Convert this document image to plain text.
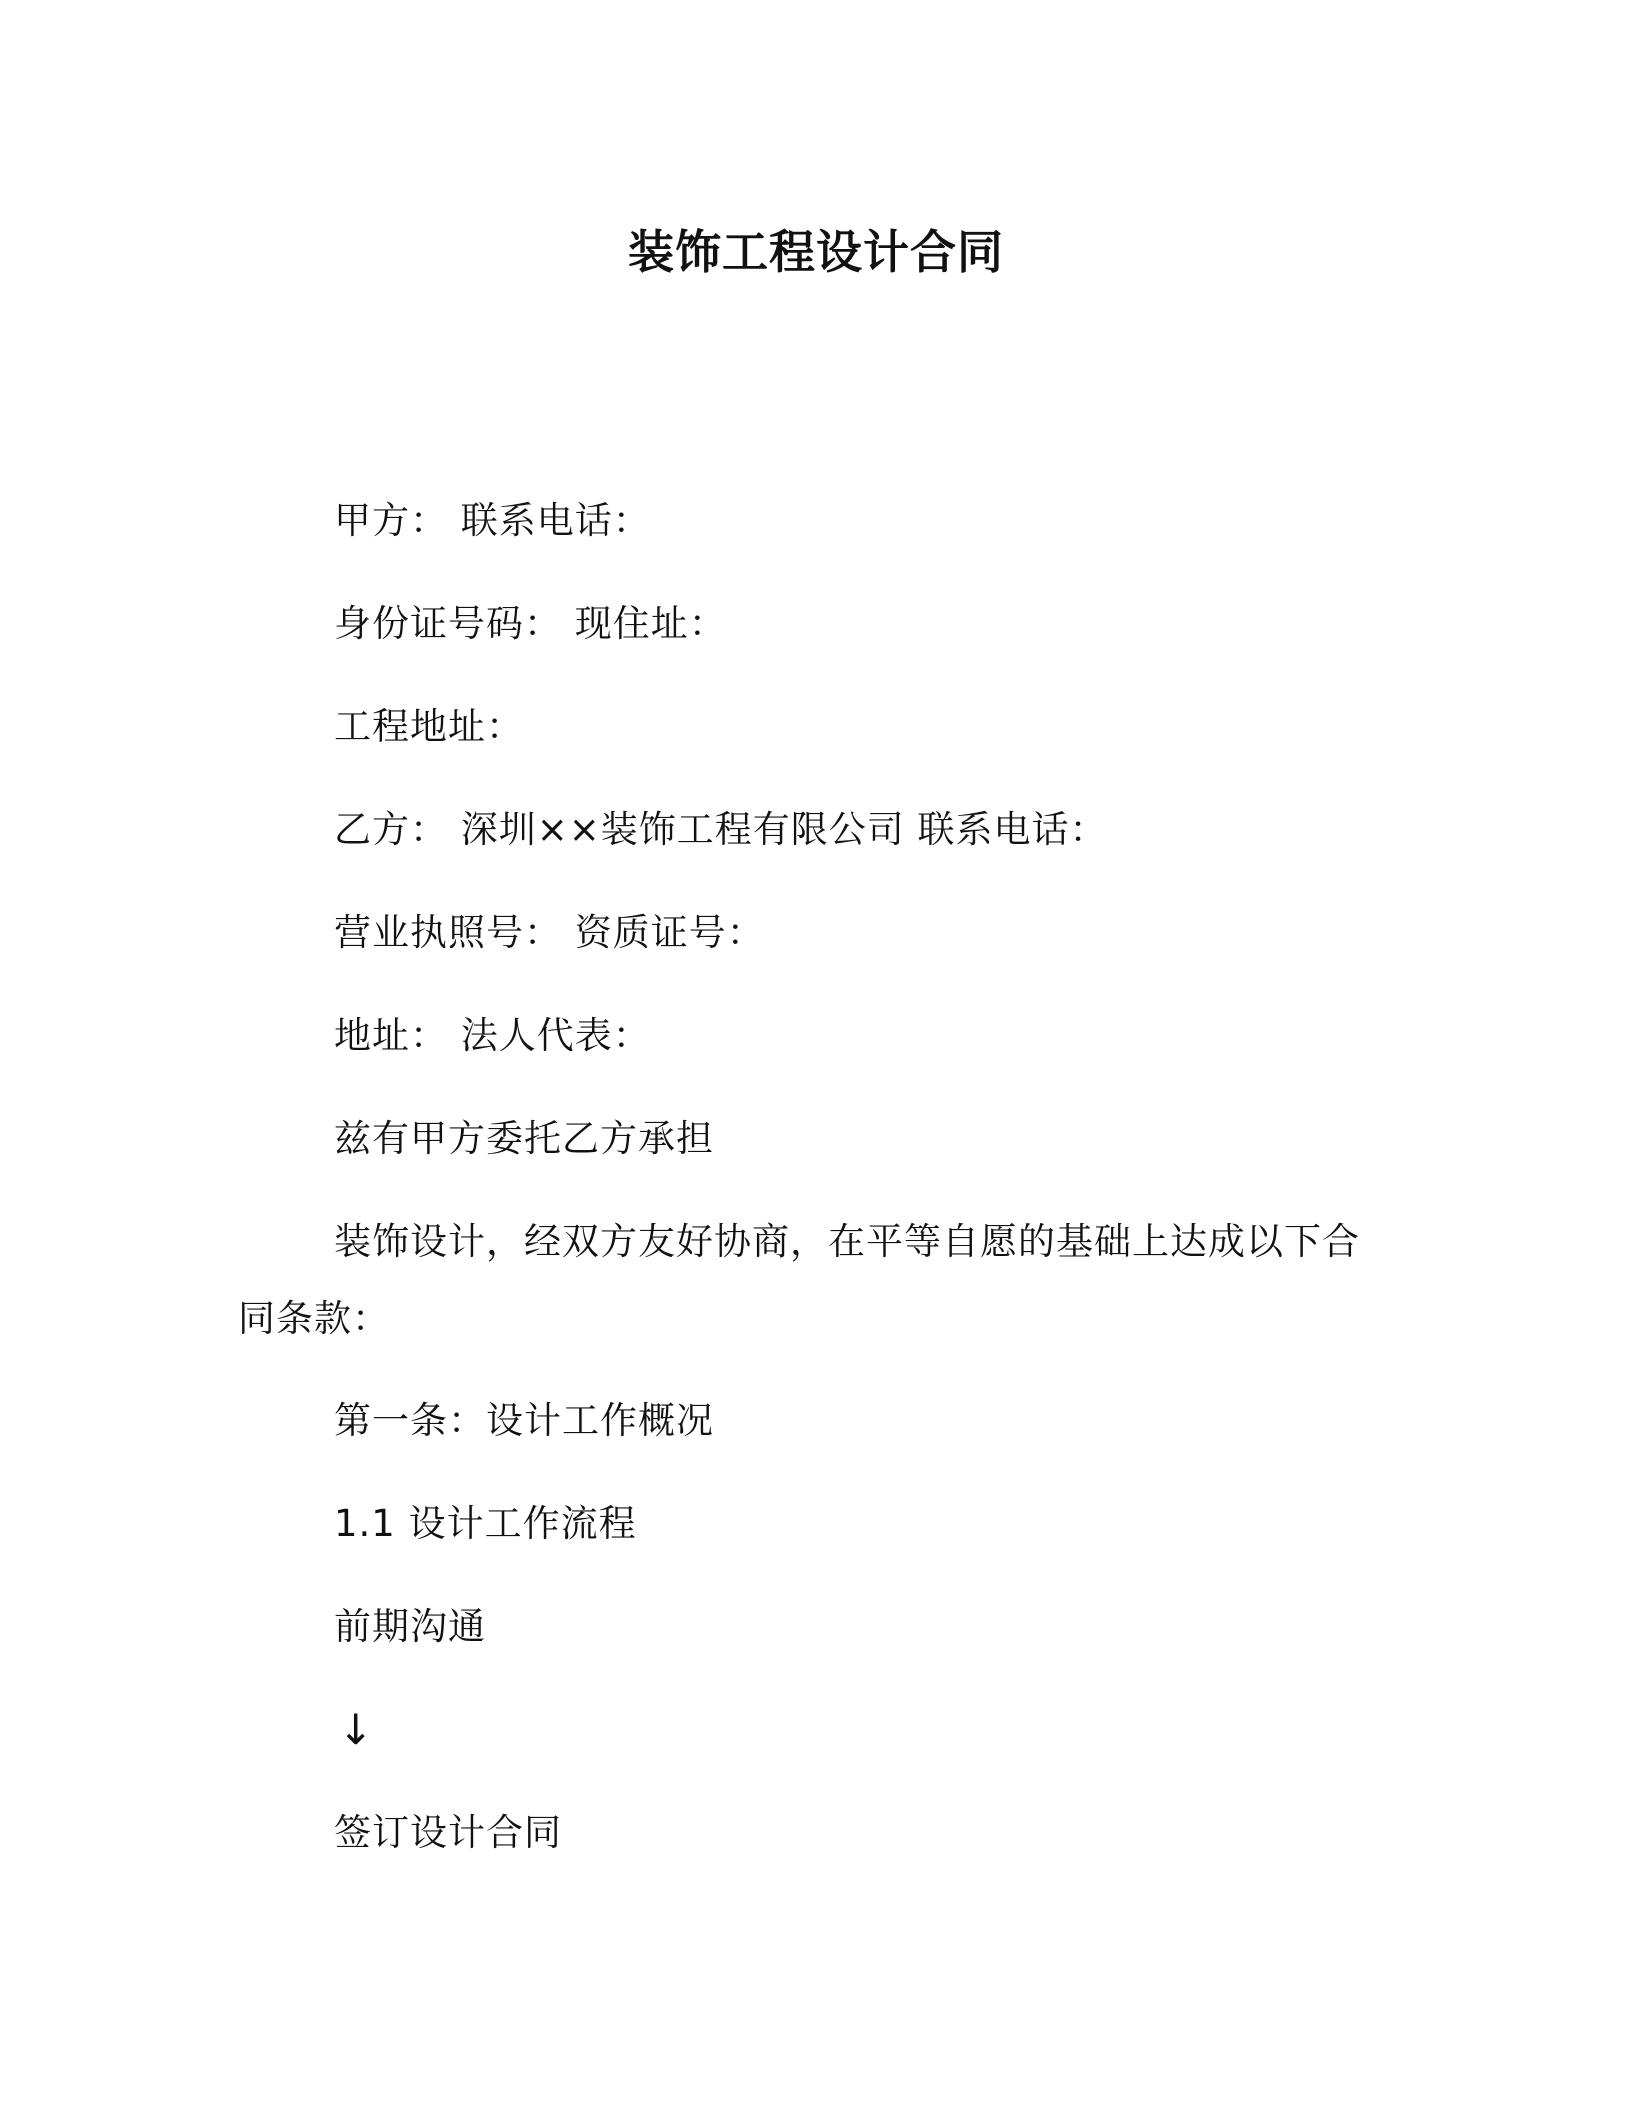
装饰工程设计合同
甲方： 联系电话：
身份证号码： 现住址：
工程地址：
乙方： 深圳××装饰工程有限公司 联系电话：
营业执照号： 资质证号：
地址： 法人代表：
兹有甲方委托乙方承担
装饰设计，经双方友好协商，在平等自愿的基础上达成以下合同条款：
第一条：设计工作概况
1.1 设计工作流程
前期沟通
↓
签订设计合同
